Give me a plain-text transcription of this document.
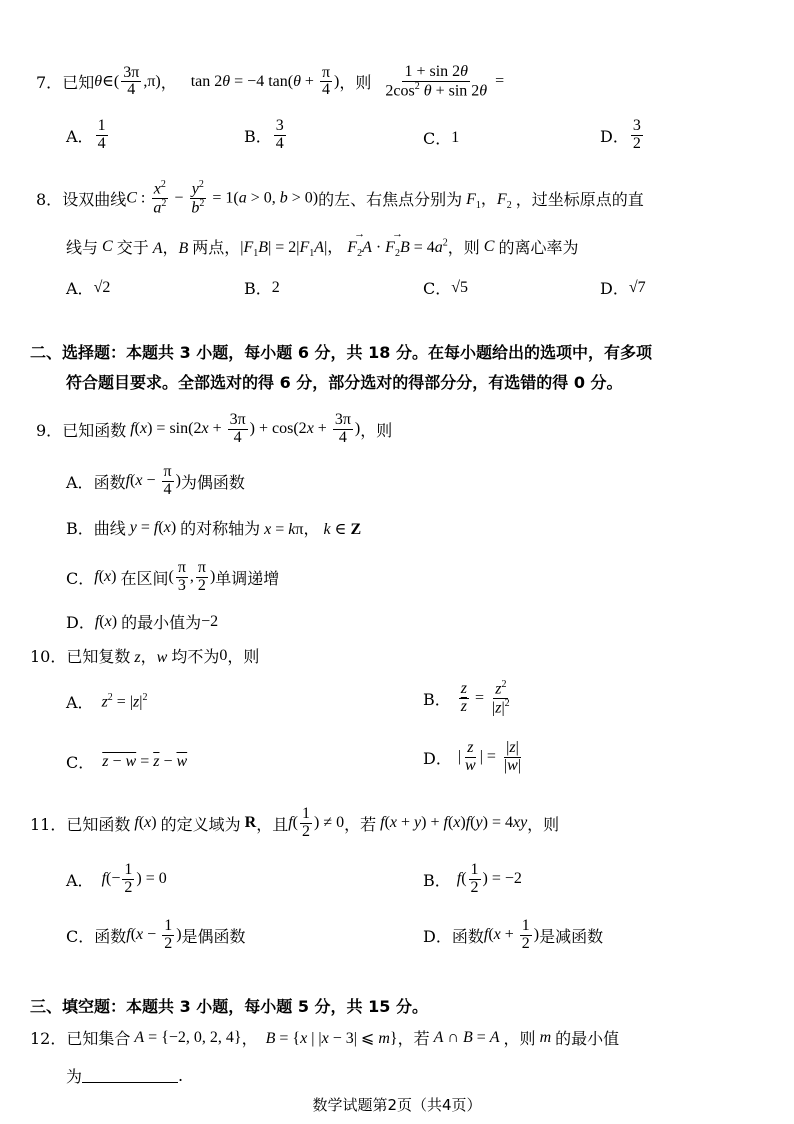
7． 已知 θ∈( $\frac{3\pi}{4} ,\pi$) ， tan 2θ = −4 $\tan(\theta + \frac{\pi}{4}$ ) ，则 $\frac{1 + \sin 2\theta}{2\cos^2 \theta + \sin 2\theta}$ =
A． $\frac{1}{4}$	B． $\frac{3}{4}$	C． 1	D． $\frac{3}{2}$
8． 设双曲线 C : $\frac{x^2}{a^2} - \frac{y^2}{b^2} = 1(a > 0$, b > 0) 的左、右焦点分别为 $F_1$，$F_2$ ，过坐标原点的直
线与 C 交于 A，B 两点， $|F_1B| = 2|F_1A|$， → $F_2A$ · → $F_2B = 4a^2$ ，则 C 的离心率为
A． √2	B． 2	C． √5	D． √7
二、选择题：本题共 3 小题，每小题 6 分，共 18 分。在每小题给出的选项中，有多项
符合题目要求。全部选对的得 6 分，部分选对的得部分分，有选错的得 0 分。
9． 已知函数 $f(x) = \sin(2x + \frac{3\pi}{4}$ ) + $\cos(2x + \frac{3\pi}{4}$ ) ，则
A． 函数 $f(x - \frac{\pi}{4}$ ) 为偶函数
B． 曲线 y = f(x) 的对称轴为 x = kπ， k ∈ Z
C． f(x) 在区间 ( $\frac{\pi}{3}$ , $\frac{\pi}{2}$ ) 单调递增
D． f(x) 的最小值为 −2
10． 已知复数 z，w 均不为 0 ，则
A． $z^2 = |z|^2$	B． $\frac{z}{z} = \frac{z^2}{|z|^2}$
C． $z - w = \overline{z} - \overline{w}$	D． | $\frac{z}{w}$ | = $\frac{|z|}{|w|}$
11． 已知函数 f(x) 的定义域为 R ，且 $f( \frac{1}{2}$ ) ≠ 0 ，若 f(x + y) + f(x)f(y) = 4xy ，则
A． $f(- \frac{1}{2}$ ) = 0	B． $f( \frac{1}{2}$ ) = −2
C． 函数 $f(x - \frac{1}{2}$ ) 是偶函数	D． 函数 $f(x + \frac{1}{2}$ ) 是减函数
三、填空题：本题共 3 小题，每小题 5 分，共 15 分。
12． 已知集合 A = {−2, 0, 2, 4} ， B = {x | |x − 3| ⩽ m} ，若 A ∩ B = A ，则 m 的最小值
为	.
数学试题第2页（共4页）
